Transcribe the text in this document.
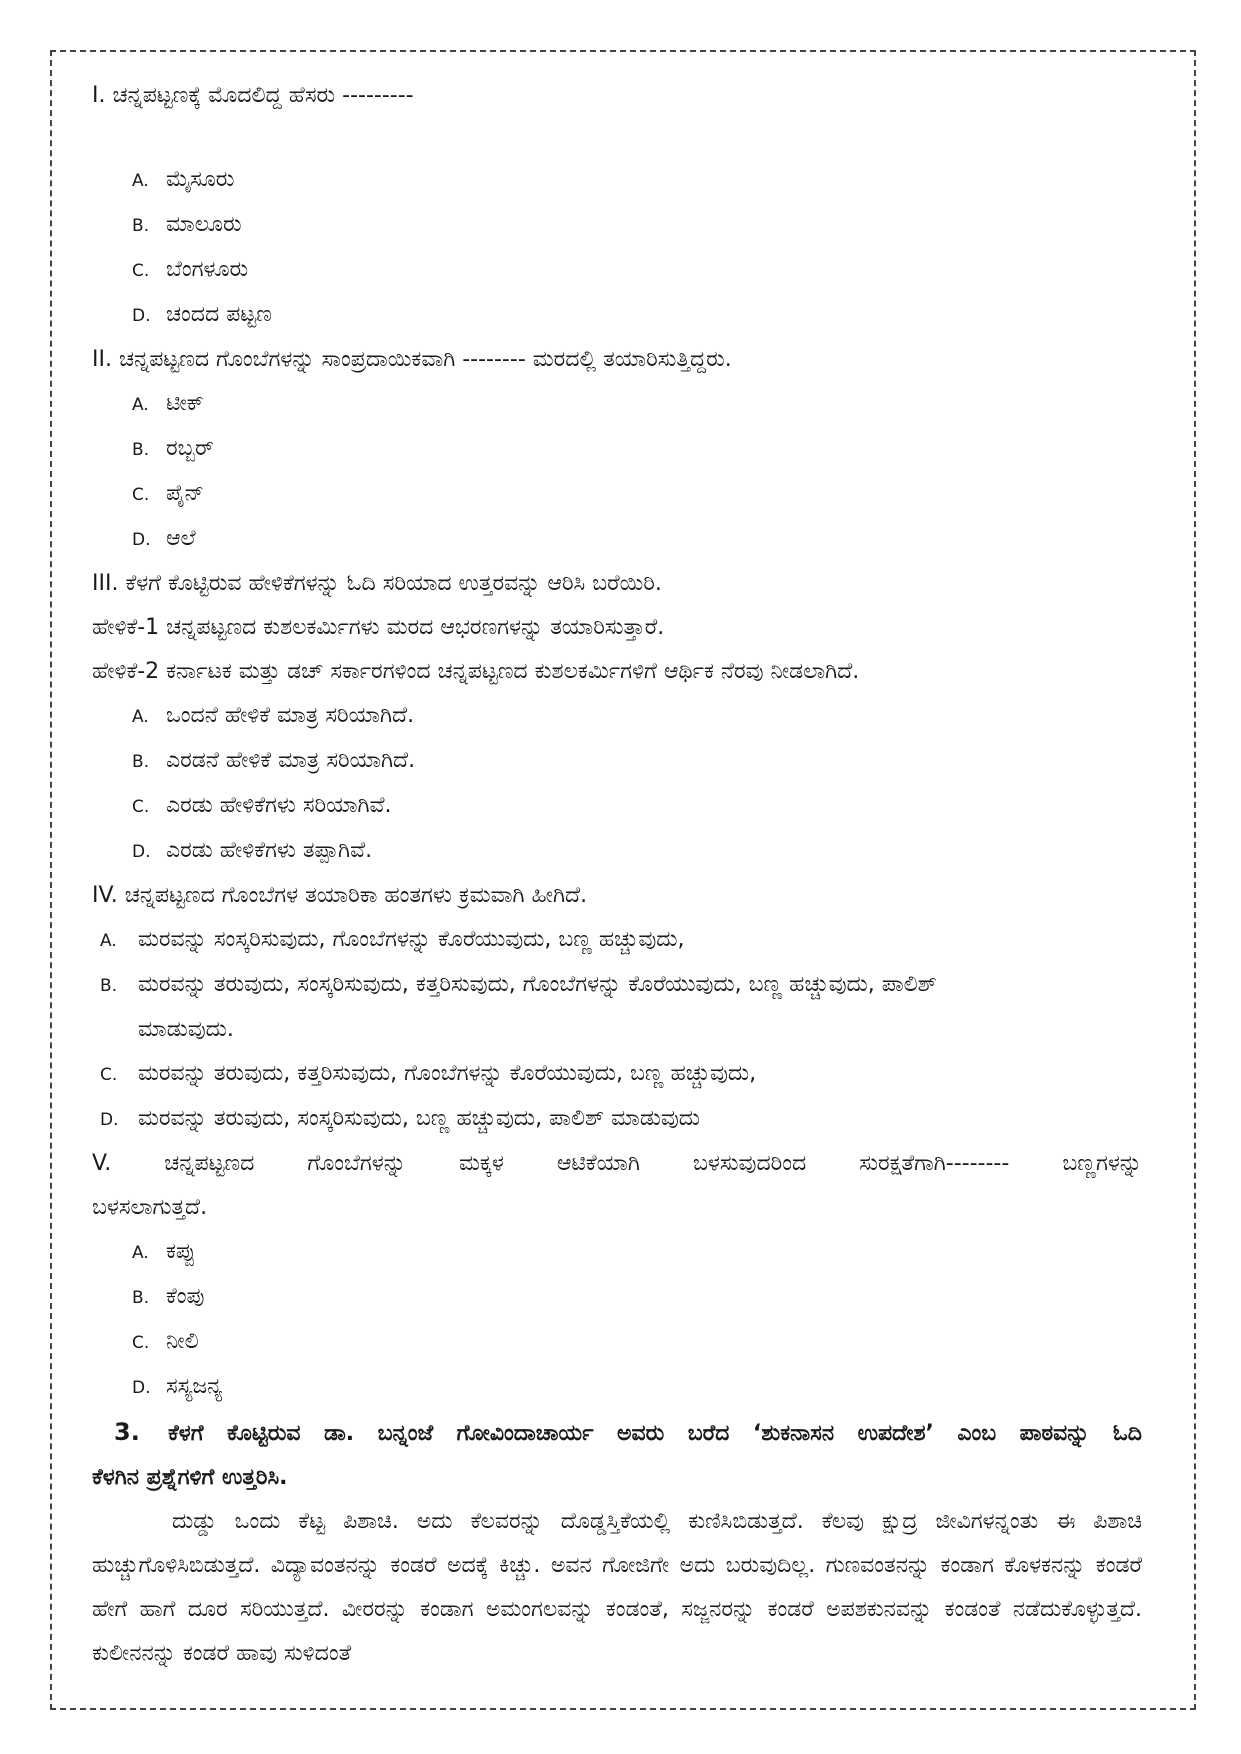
I. ಚನ್ನಪಟ್ಟಣಕ್ಕೆ ಮೊದಲಿದ್ದ ಹೆಸರು ---------
A. ಮೈಸೂರು
B. ಮಾಲೂರು
C. ಬೆಂಗಳೂರು
D. ಚಂದದ ಪಟ್ಟಣ
II. ಚನ್ನಪಟ್ಟಣದ ಗೊಂಬೆಗಳನ್ನು ಸಾಂಪ್ರದಾಯಿಕವಾಗಿ -------- ಮರದಲ್ಲಿ ತಯಾರಿಸುತ್ತಿದ್ದರು.
A. ಟೀಕ್
B. ರಬ್ಬರ್
C. ಪೈನ್
D. ಆಲೆ
III. ಕೆಳಗೆ ಕೊಟ್ಟಿರುವ ಹೇಳಿಕೆಗಳನ್ನು ಓದಿ ಸರಿಯಾದ ಉತ್ತರವನ್ನು ಆರಿಸಿ ಬರೆಯಿರಿ.
ಹೇಳಿಕೆ-1 ಚನ್ನಪಟ್ಟಣದ ಕುಶಲಕರ್ಮಿಗಳು ಮರದ ಆಭರಣಗಳನ್ನು ತಯಾರಿಸುತ್ತಾರೆ.
ಹೇಳಿಕೆ-2 ಕರ್ನಾಟಕ ಮತ್ತು ಡಚ್ ಸರ್ಕಾರಗಳಿಂದ ಚನ್ನಪಟ್ಟಣದ ಕುಶಲಕರ್ಮಿಗಳಿಗೆ ಆರ್ಥಿಕ ನೆರವು ನೀಡಲಾಗಿದೆ.
A. ಒಂದನೆ ಹೇಳಿಕೆ ಮಾತ್ರ ಸರಿಯಾಗಿದೆ.
B. ಎರಡನೆ ಹೇಳಿಕೆ ಮಾತ್ರ ಸರಿಯಾಗಿದೆ.
C. ಎರಡು ಹೇಳಿಕೆಗಳು ಸರಿಯಾಗಿವೆ.
D. ಎರಡು ಹೇಳಿಕೆಗಳು ತಪ್ಪಾಗಿವೆ.
IV. ಚನ್ನಪಟ್ಟಣದ ಗೊಂಬೆಗಳ ತಯಾರಿಕಾ ಹಂತಗಳು ಕ್ರಮವಾಗಿ ಹೀಗಿದೆ.
A. ಮರವನ್ನು ಸಂಸ್ಕರಿಸುವುದು, ಗೊಂಬೆಗಳನ್ನು ಕೊರೆಯುವುದು, ಬಣ್ಣ ಹಚ್ಚುವುದು,
B. ಮರವನ್ನು ತರುವುದು, ಸಂಸ್ಕರಿಸುವುದು, ಕತ್ತರಿಸುವುದು, ಗೊಂಬೆಗಳನ್ನು ಕೊರೆಯುವುದು, ಬಣ್ಣ ಹಚ್ಚುವುದು, ಪಾಲಿಶ್
ಮಾಡುವುದು.
C. ಮರವನ್ನು ತರುವುದು, ಕತ್ತರಿಸುವುದು, ಗೊಂಬೆಗಳನ್ನು ಕೊರೆಯುವುದು, ಬಣ್ಣ ಹಚ್ಚುವುದು,
D. ಮರವನ್ನು ತರುವುದು, ಸಂಸ್ಕರಿಸುವುದು, ಬಣ್ಣ ಹಚ್ಚುವುದು, ಪಾಲಿಶ್ ಮಾಡುವುದು
V. ಚನ್ನಪಟ್ಟಣದ ಗೊಂಬೆಗಳನ್ನು ಮಕ್ಕಳ ಆಟಿಕೆಯಾಗಿ ಬಳಸುವುದರಿಂದ ಸುರಕ್ಷತೆಗಾಗಿ-------- ಬಣ್ಣಗಳನ್ನು
ಬಳಸಲಾಗುತ್ತದೆ.
A. ಕಪ್ಪು
B. ಕೆಂಪು
C. ನೀಲಿ
D. ಸಸ್ಯಜನ್ಯ
3. ಕೆಳಗೆ ಕೊಟ್ಟಿರುವ ಡಾ. ಬನ್ನಂಜೆ ಗೋವಿಂದಾಚಾರ್ಯ ಅವರು ಬರೆದ ‘ಶುಕನಾಸನ ಉಪದೇಶ’ ಎಂಬ ಪಾಠವನ್ನು ಓದಿ
ಕೆಳಗಿನ ಪ್ರಶ್ನೆಗಳಿಗೆ ಉತ್ತರಿಸಿ.
ದುಡ್ಡು ಒಂದು ಕೆಟ್ಟ ಪಿಶಾಚಿ. ಅದು ಕೆಲವರನ್ನು ದೊಡ್ಡಸ್ತಿಕೆಯಲ್ಲಿ ಕುಣಿಸಿಬಿಡುತ್ತದೆ. ಕೆಲವು ಕ್ಷುದ್ರ ಜೀವಿಗಳನ್ನಂತು ಈ ಪಿಶಾಚಿ ಹುಚ್ಚುಗೊಳಿಸಿಬಿಡುತ್ತದೆ. ವಿದ್ಯಾವಂತನನ್ನು ಕಂಡರೆ ಅದಕ್ಕೆ ಕಿಚ್ಚು. ಅವನ ಗೋಜಿಗೇ ಅದು ಬರುವುದಿಲ್ಲ. ಗುಣವಂತನನ್ನು ಕಂಡಾಗ ಕೊಳಕನನ್ನು ಕಂಡರೆ ಹೇಗೆ ಹಾಗೆ ದೂರ ಸರಿಯುತ್ತದೆ. ವೀರರನ್ನು ಕಂಡಾಗ ಅಮಂಗಲವನ್ನು ಕಂಡಂತೆ, ಸಜ್ಜನರನ್ನು ಕಂಡರೆ ಅಪಶಕುನವನ್ನು ಕಂಡಂತೆ ನಡೆದುಕೊಳ್ಳುತ್ತದೆ. ಕುಲೀನನನ್ನು ಕಂಡರೆ ಹಾವು ಸುಳಿದಂತೆ
